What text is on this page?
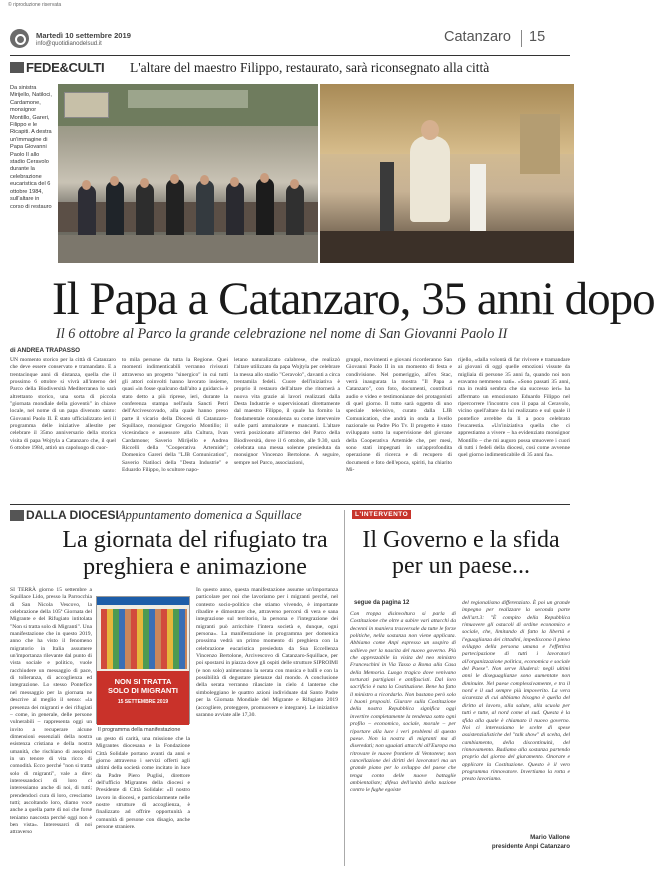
© riproduzione riservata
Martedì 10 settembre 2019
info@quotidianodelsud.it	Catanzaro 15
FEDE&CULTI L'altare del maestro Filippo, restaurato, sarà riconsegnato alla città
Da sinistra Mirijello, Natiloci, Cardamone, monsignor Montillo, Gareri, Filippo e le Ricapiti. A destra un'immagine di Papa Giovanni Paolo II allo stadio Ceravolo durante la celebrazione eucaristica del 6 ottobre 1984, sull'altare in corso di restauro
Il Papa a Catanzaro, 35 anni dopo
Il 6 ottobre al Parco la grande celebrazione nel nome di San Giovanni Paolo II
di ANDREA TRAPASSO

UN momento storico per la città di Catanzaro che deve essere conservato e tramandato. E a trentacinque anni di distanza, quella che il prossimo 6 ottobre si vivrà all'interno del Parco della Biodiversità Mediterranea lo sarà altrettanto storico, una sorta di piccola "giornata mondiale della gioventù" in chiave locale, nel nome di un papa divenuto santo: Giovanni Paolo II. È stato ufficializzato ieri il programma delle iniziative allestite per celebrare il 35mo anniversario della storica visita di papa Wojtyla a Catanzaro che, il quel 6 ottobre 1984, attirò un capoluogo di cuor-

to mila persone da tutta la Regione. Quei momenti indimenticabili verranno rivissuti attraverso un progetto "sinergico" in cui tutti gli attori coinvolti hanno lavorato insieme, quasi «in fosse qualcuno dall'alto a guidarci» è stato detto a più riprese, ieri, durante la conferenza stampa nell'aula Sancti Petri dell'Arcivescovado, alla quale hanno preso parte il vicario della Diocesi di Catanzaro-Squillace, monsignor Gregorio Montillo; il vicesindaco e assessore alla Cultura, Ivan Cardamone; Saverio Mirijello e Andrea Riccelli della "Cooperativa Artemide"; Domenico Gareri della "LJB Comunication", Saverio Natiloci della "Desta Industrie" e Eduardo Filippo, lo scultore napo-

letano naturalizzato calabrese, che realizzò l'altare utilizzato da papa Wojtyla per celebrare la messa allo stadio "Ceravolo", davanti a circa trentamila fedeli. Cuore dell'iniziativa è proprio il restauro dell'altare che ritornerà a nuova vita grazie ai lavori realizzati dalla Desta Industrie e supervisionati direttamente dal maestro Filippo, il quale ha fornito la fondamentale consulenza su come intervenire sulle parti ammalorate e mancanti. L'altare verrà posizionato all'interno del Parco della Biodiversità, dove il 6 ottobre, alle 9.30, sarà celebrata una messa solenne presieduta da monsignor Vincenzo Bertolone. A seguire, sempre nel Parco, associazioni,

gruppi, movimenti e giovani ricorderanno San Giovanni Paolo II in un momento di festa e condivisione. Nel pomeriggio, all'ex Stac, verrà inaugurata la mostra "Il Papa a Catanzaro", con foto, documenti, contributi audio e video e testimonianze dei protagonisti di quel giorno. Il tutto sarà oggetto di uno speciale televisivo, curato dalla LJB Comunication, che andrà in onda a livello nazionale su Padre Pio Tv. Il progetto è stato sviluppato sotto la supervisione del giovane della Cooperativa Artemide che, per mesi, sono stati impegnati in un'approfondita operazione di ricerca e di recupero di documenti e foto dell'epoca, spiriti, ha chiarito Mi-

rijello, «dalla volontà di far rivivere e tramandare ai giovani di oggi quelle emozioni vissute da migliaia di persone 35 anni fa, quando noi non eravamo nemmeno nati». «Sono passati 35 anni, ma in realtà sembra che sia successo ieri» ha affermato un emozionato Eduardo Filippo nel ripercorrere l'incontro con il papa al Ceravolo, vicino quell'altare da lui realizzato e sul quale il pontefice avrebbe da lì a poco celebrato l'eucarestia. «Un'iniziativa quella che ci apprestiamo a vivere – ha evidenziato monsignor Montillo – che mi auguro possa smuovere i cuori di tutti i fedeli della diocesi, così come avvenne quel giorno indimenticabile di 35 anni fa».

DALLA DIOCESI Appuntamento domenica a Squillace
La giornata del rifugiato tra preghiera e animazione

SI TERRÀ giorno 15 settembre a Squillace Lido, presso la Parrocchia di San Nicola Vescovo, la celebrazione della 105ª Giornata del Migrante e del Rifugiato intitolata "Non si tratta solo di Migranti". Una manifestazione che in questo 2019, anno che ha visto il fenomeno migratorio in Italia assumere un'importanza rilevante dal punto di vista sociale e politico, vuole racchiudere un messaggio di pace, di tolleranza, di accoglienza ed integrazione. Lo stesso Pontefice nel messaggio per la giornata ne descrive al meglio il senso: «la presenza dei migranti e dei rifugiati – come, in generale, delle persone vulnerabili – rappresenta oggi un invito a recuperare alcune dimensioni essenziali della nostra esistenza cristiana e della nostra umanità, che rischiano di assopirsi in un tenore di vita ricco di comodità. Ecco perché "non si tratta solo di migranti", vale a dire: interessandoci di loro ci interessiamo anche di noi, di tutti; prendendoci cura di loro, cresciamo tutti; ascoltando loro, diamo voce anche a quella parte di noi che forse teniamo nascosta perché oggi non è ben vista». Interessarci di noi attraverso

NON SI TRATTA
SOLO DI MIGRANTI
15 SETTEMBRE 2019
Il programma della manifestazione

un gesto di carità, una missione che la Migrantes diocesana e la Fondazione Città Solidale portano avanti da anni e giorno attraverso i servizi offerti agli ultimi della società come incitato in luce da Padre Piero Puglisi, direttore dell'ufficio Migrantes della diocesi e Presidente di Città Solidale: «Il nostro lavoro in diocesi, e particolarmente nelle nostre strutture di accoglienza, è finalizzato ad offrire opportunità a comunità di persone con disagio, anche persone straniere.

In questo anno, questa manifestazione assume un'importanza particolare per noi che lavoriamo per i migranti perché, nel contesto socio-politico che stiamo vivendo, è importante ribadire e dimostrare che, attraverso percorsi di vera e sana integrazione sul territorio, la persona e l'integrazione dei migranti può arricchire l'intera società e, dunque, ogni persona». La manifestazione in programma per domenica prossima vedrà un primo momento di preghiera con la celebrazione eucaristica presieduta da Sua Eccellenza Vincenzo Bertolone, Arcivescovo di Catanzaro-Squillace, per poi spostarsi in piazza dove gli ospiti delle strutture SIPROIMI (e non solo) animeranno la serata con musica e balli e con la possibilità di degustare pietanze dal mondo. A conclusione della serata verranno rilasciate in cielo 4 lanterne che simboleggiano le quattro azioni individuate dal Santo Padre per la Giornata Mondiale del Migrante e Rifugiato 2019 (accogliere, proteggere, promuovere e integrare). Le iniziative saranno avviate alle 17,30.

L'INTERVENTO
Il Governo e la sfida per un paese...
segue da pagina 12

Con troppa disinvoltura si parla di Costituzione che oltre a subire vari attacchi da decenni in maniera trasversale da tutte le forze politiche, nella sostanza non viene applicata. Abbiamo come Anpi espresso un sospiro di sollievo per la nascita del nuovo governo. Più che apprezzabile la visita del neo ministro Franceschini in Via Tasso a Roma alla Casa della Memoria. Luogo tragico dove venivano torturati partigiani e antifascisti. Dal loro sacrificio è nata la Costituzione. Bene ha fatto il ministro a ricordarlo. Non bastano però solo i buoni propositi. Giurare sulla Costituzione della nostra Repubblica significa oggi invertire completamente la tendenza sotto ogni profilo – economico, sociale, morale – per riportare alla luce i veri problemi di questo paese. Non la nostra di migranti ma di diseredati; non sguaiati attacchi all'Europa ma ritrovare le nuove frontiere di Ventotene; non cancellazione dei diritti dei lavoratori ma un grande piano per lo sviluppo del paese che tenga conto delle nuove battaglie ambientaliste; difesa dell'unità della nazione contro le fughe egoiste

del regionalismo differenziato. È poi un grande impegno per realizzare la seconda parte dell'art.3: "È compito della Repubblica rimuovere gli ostacoli di ordine economico e sociale, che, limitando di fatto la libertà e l'eguaglianza dei cittadini, impediscono il pieno sviluppo della persona umana e l'effettiva partecipazione di tutti i lavoratori all'organizzazione politica, economica e sociale del Paese". Non serve illudersi: negli ultimi anni le diseguaglianze sono aumentate non diminuite. Nel paese complessivamente, e tra il nord e il sud sempre più impoverito. La vera sicurezza di cui abbiamo bisogno è quella del diritto al lavoro, alla salute, alla scuola per tutti e tutte, al nord come al sud. Questa è la sfida alla quale è chiamato il nuovo governo. Noi ci interessiamo le scelte di spese assistenzialistiche del "talk show" di scelta, del cambiamento, della discontinuità, del rinnovamento. Badiamo alla sostanza partendo proprio dal giorno del giuramento. Onorare e applicare la Costituzione. Questo è il vero programma rinnovatore. Invertiamo la rotta e presto lavoriamo.

Mario Vallone
presidente Anpi Catanzaro
